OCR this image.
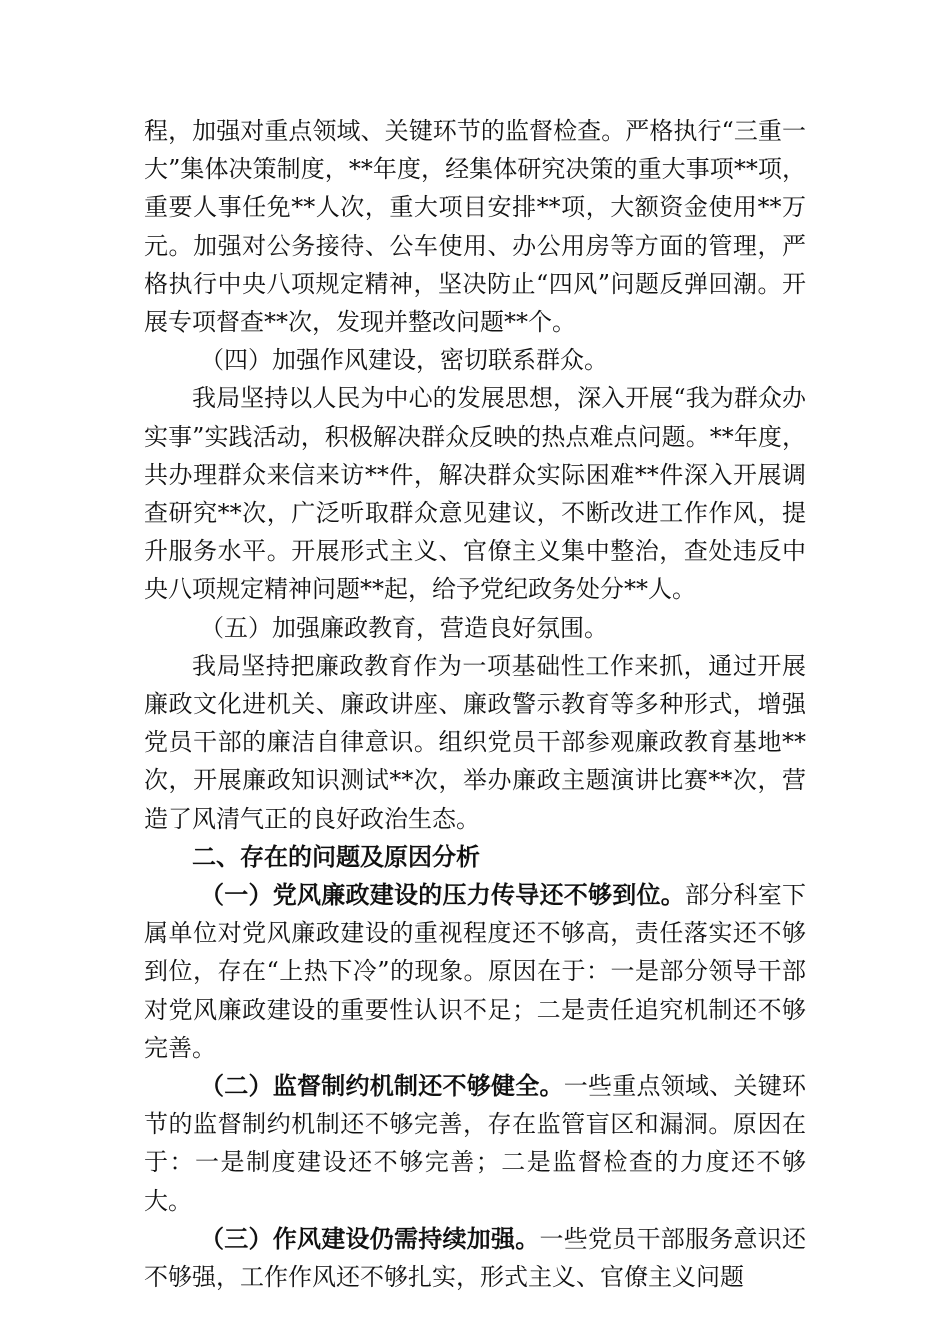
程，加强对重点领域、关键环节的监督检查。严格执行“三重一大”集体决策制度，**年度，经集体研究决策的重大事项**项，重要人事任免**人次，重大项目安排**项，大额资金使用**万元。加强对公务接待、公车使用、办公用房等方面的管理，严格执行中央八项规定精神，坚决防止“四风”问题反弹回潮。开展专项督查**次，发现并整改问题**个。

（四）加强作风建设，密切联系群众。

我局坚持以人民为中心的发展思想，深入开展“我为群众办实事”实践活动，积极解决群众反映的热点难点问题。**年度，共办理群众来信来访**件，解决群众实际困难**件深入开展调查研究**次，广泛听取群众意见建议，不断改进工作作风，提升服务水平。开展形式主义、官僚主义集中整治，查处违反中央八项规定精神问题**起，给予党纪政务处分**人。

（五）加强廉政教育，营造良好氛围。

我局坚持把廉政教育作为一项基础性工作来抓，通过开展廉政文化进机关、廉政讲座、廉政警示教育等多种形式，增强党员干部的廉洁自律意识。组织党员干部参观廉政教育基地**次，开展廉政知识测试**次，举办廉政主题演讲比赛**次，营造了风清气正的良好政治生态。

二、存在的问题及原因分析

（一）党风廉政建设的压力传导还不够到位。部分科室下属单位对党风廉政建设的重视程度还不够高，责任落实还不够到位，存在“上热下冷”的现象。原因在于：一是部分领导干部对党风廉政建设的重要性认识不足；二是责任追究机制还不够完善。

（二）监督制约机制还不够健全。一些重点领域、关键环节的监督制约机制还不够完善，存在监管盲区和漏洞。原因在于：一是制度建设还不够完善；二是监督检查的力度还不够大。

（三）作风建设仍需持续加强。一些党员干部服务意识还不够强，工作作风还不够扎实，形式主义、官僚主义问题
